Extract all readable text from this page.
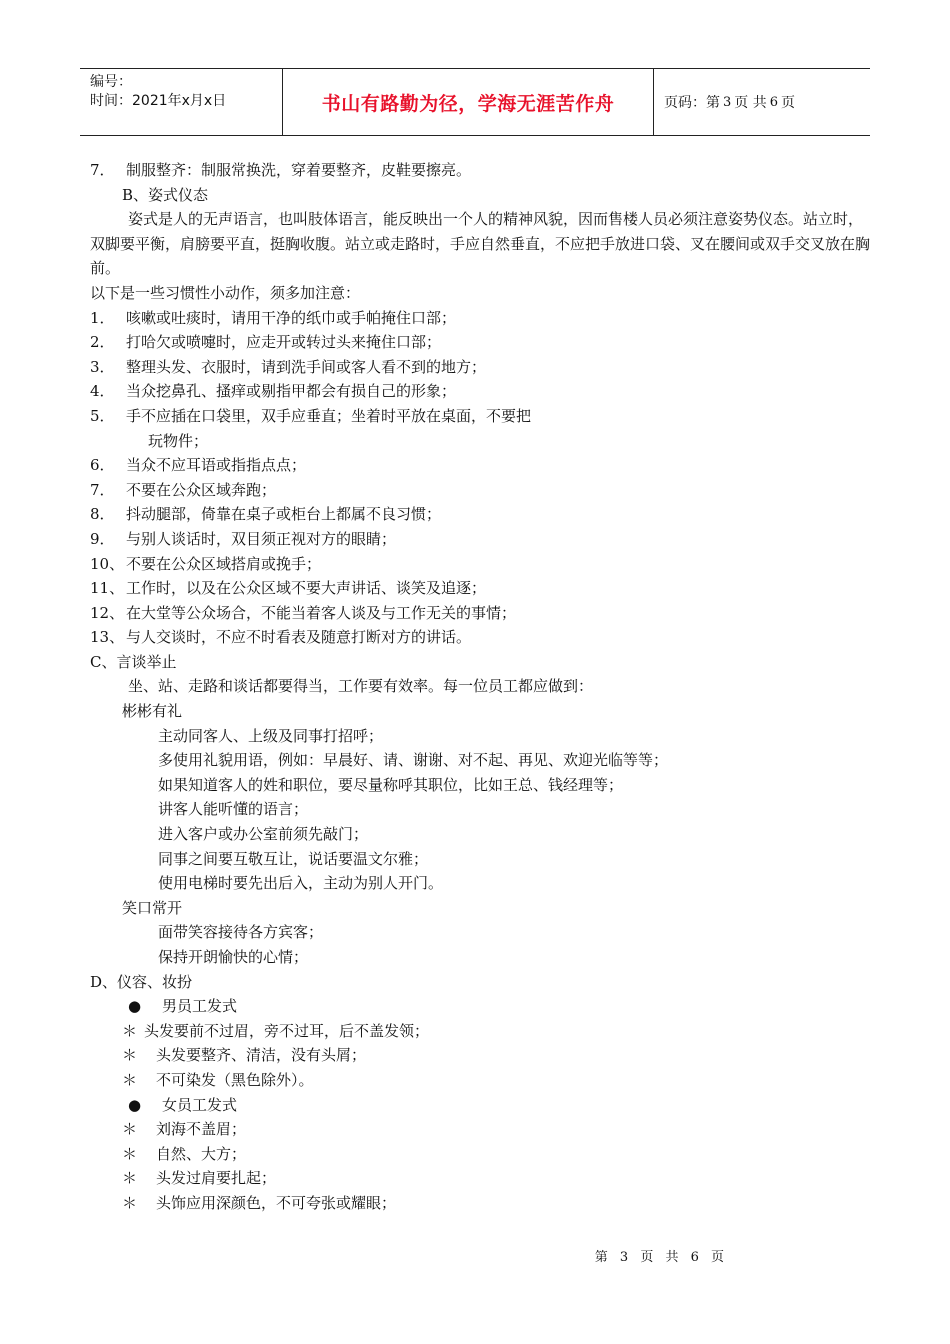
编号：
时间：2021年x月x日	书山有路勤为径，学海无涯苦作舟	页码：第 3 页 共 6 页
7． 制服整齐：制服常换洗，穿着要整齐，皮鞋要擦亮。
B、姿式仪态
姿式是人的无声语言，也叫肢体语言，能反映出一个人的精神风貌，因而售楼人员必须注意姿势仪态。站立时，双脚要平衡，肩膀要平直，挺胸收腹。站立或走路时，手应自然垂直，不应把手放进口袋、叉在腰间或双手交叉放在胸前。
以下是一些习惯性小动作，须多加注意：
1． 咳嗽或吐痰时，请用干净的纸巾或手帕掩住口部；
2． 打哈欠或喷嚏时，应走开或转过头来掩住口部；
3． 整理头发、衣服时，请到洗手间或客人看不到的地方；
4． 当众挖鼻孔、搔痒或剔指甲都会有损自己的形象；
5． 手不应插在口袋里，双手应垂直；坐着时平放在桌面，不要把
玩物件；
6． 当众不应耳语或指指点点；
7． 不要在公众区域奔跑；
8． 抖动腿部，倚靠在桌子或柜台上都属不良习惯；
9． 与别人谈话时，双目须正视对方的眼睛；
10、 不要在公众区域搭肩或挽手；
11、 工作时，以及在公众区域不要大声讲话、谈笑及追逐；
12、 在大堂等公众场合，不能当着客人谈及与工作无关的事情；
13、 与人交谈时，不应不时看表及随意打断对方的讲话。
C、言谈举止
坐、站、走路和谈话都要得当，工作要有效率。每一位员工都应做到：
彬彬有礼
主动同客人、上级及同事打招呼；
多使用礼貌用语，例如：早晨好、请、谢谢、对不起、再见、欢迎光临等等；
如果知道客人的姓和职位，要尽量称呼其职位，比如王总、钱经理等；
讲客人能听懂的语言；
进入客户或办公室前须先敲门；
同事之间要互敬互让，说话要温文尔雅；
使用电梯时要先出后入，主动为别人开门。
笑口常开
面带笑容接待各方宾客；
保持开朗愉快的心情；
D、仪容、妆扮
● 男员工发式
＊ 头发要前不过眉，旁不过耳，后不盖发领；
＊ 头发要整齐、清洁，没有头屑；
＊ 不可染发（黑色除外）。
● 女员工发式
＊ 刘海不盖眉；
＊ 自然、大方；
＊ 头发过肩要扎起；
＊ 头饰应用深颜色，不可夸张或耀眼；
第 3 页 共 6 页
